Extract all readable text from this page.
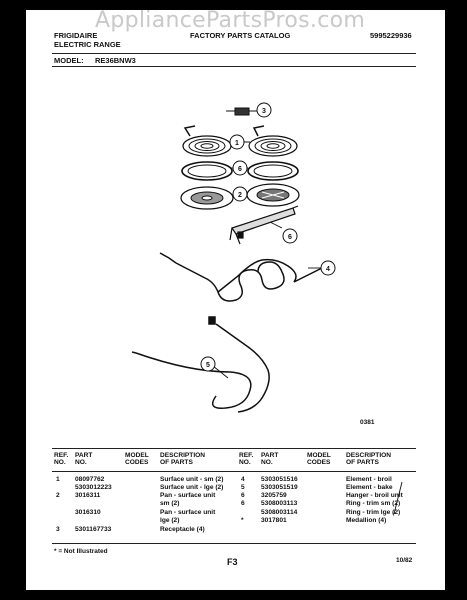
AppliancePartsPros.com
FRIGIDAIRE
ELECTRIC RANGE
FACTORY PARTS CATALOG	5995229936
MODEL: RE36BNW3
3
1
6
2
6
4
5
0381
REF.
NO.
PART
NO.
MODEL
CODES
DESCRIPTION
OF PARTS
REF.
NO.
PART
NO.
MODEL
CODES
DESCRIPTION
OF PARTS
1 08097762	Surface unit - sm (2)
5303012223	Surface unit - lge (2)
2 3016311	Pan - surface unit
sm (2)
3016310	Pan - surface unit
lge (2)
3 5301167733	Receptacle (4)
4 5303051516	Element - broil
5 5303051519	Element - bake
6 3205759	Hanger - broil unit
6 5308003113	Ring - trim sm (2)
5308003114	Ring - trim lge (2)
*	3017801	Medallion (4)
* = Not Illustrated
F3	10/82
